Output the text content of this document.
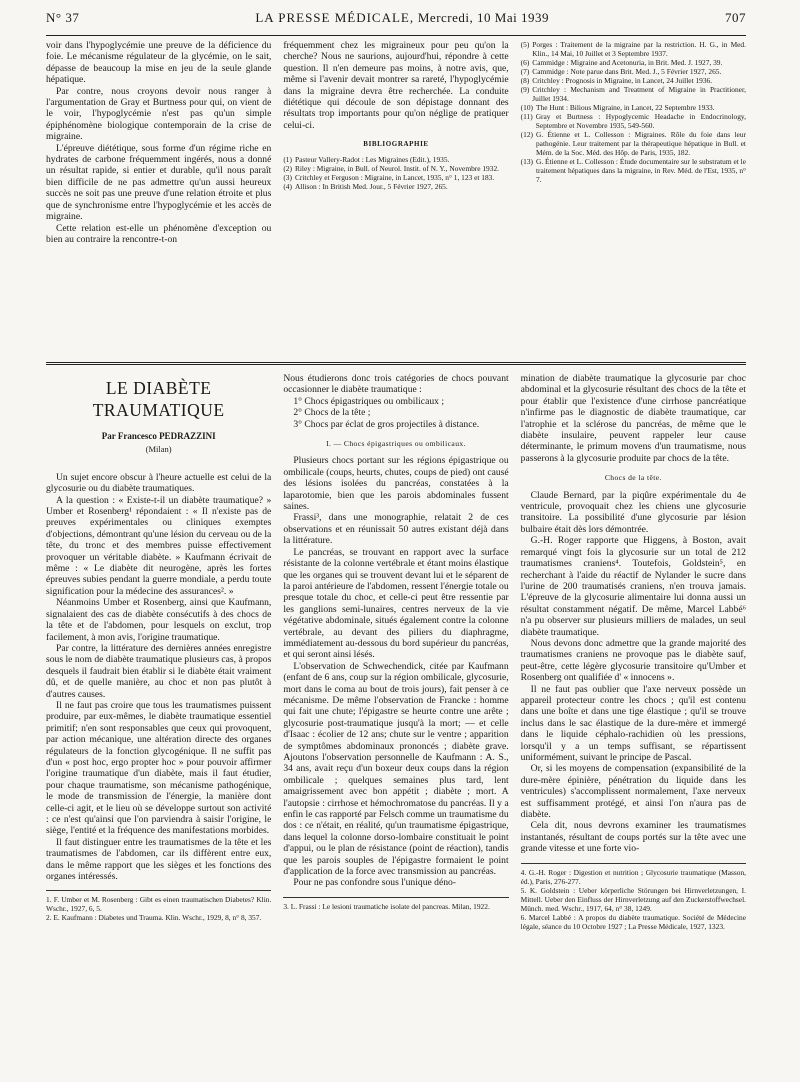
N° 37	LA PRESSE MÉDICALE, Mercredi, 10 Mai 1939	707

voir dans l'hypoglycémie une preuve de la déficience du foie. Le mécanisme régulateur de la glycémie, on le sait, dépasse de beaucoup la mise en jeu de la seule glande hépatique.

Par contre, nous croyons devoir nous ranger à l'argumentation de Gray et Burtness pour qui, on vient de le voir, l'hypoglycémie n'est pas qu'un simple épiphénomène biologique contemporain de la crise de migraine.

L'épreuve diététique, sous forme d'un régime riche en hydrates de carbone fréquemment ingérés, nous a donné un résultat rapide, si entier et durable, qu'il nous paraît bien difficile de ne pas admettre qu'un aussi heureux succès ne soit pas une preuve d'une relation étroite et plus que de synchronisme entre l'hypoglycémie et les accès de migraine.

Cette relation est-elle un phénomène d'exception ou bien au contraire la rencontre-t-on

fréquemment chez les migraineux pour peu qu'on la cherche? Nous ne saurions, aujourd'hui, répondre à cette question. Il n'en demeure pas moins, à notre avis, que, même si l'avenir devait montrer sa rareté, l'hypoglycémie dans la migraine devra être recherchée. La conduite diététique qui découle de son dépistage donnant des résultats trop importants pour qu'on néglige de pratiquer celui-ci.

BIBLIOGRAPHIE
(1) Pasteur Vallery-Radot : Les Migraines (Edit.), 1935.
(2) Riley : Migraine, in Bull. of Neurol. Instit. of N. Y., Novembre 1932.
(3) Critchley et Ferguson : Migraine, in Lancet, 1935, n° 1, 123 et 183.
(4) Allison : In British Med. Jour., 5 Février 1927, 265.
(5) Porges : Traitement de la migraine par la restriction. H. G., in Med. Klin., 14 Mai, 10 Juillet et 3 Septembre 1937.
(6) Cammidge : Migraine and Acetonuria, in Brit. Med. J. 1927, 39.
(7) Cammidge : Note parue dans Brit. Med. J., 5 Février 1927, 265.
(8) Critchley : Prognosis in Migraine, in Lancet, 24 Juillet 1936.
(9) Critchley : Mechanism and Treatment of Migraine in Practitioner, Juillet 1934.
(10) The Hunt : Bilious Migraine, in Lancet, 22 Septembre 1933.
(11) Gray et Burtness : Hypoglycemic Headache in Endocrinology, Septembre et Novembre 1935, 549-560.
(12) G. Étienne et L. Collesson : Migraines. Rôle du foie dans leur pathogénie. Leur traitement par la thérapeutique hépatique in Bull. et Mém. de la Soc. Méd. des Hôp. de Paris, 1935, 182.
(13) G. Étienne et L. Collesson : Étude documentaire sur le substratum et le traitement hépatiques dans la migraine, in Rev. Méd. de l'Est, 1935, n° 7.
LE DIABÈTE TRAUMATIQUE
Par Francesco PEDRAZZINI
(Milan)

Un sujet encore obscur à l'heure actuelle est celui de la glycosurie ou du diabète traumatiques.

A la question : « Existe-t-il un diabète traumatique? » Umber et Rosenberg¹ répondaient : « Il n'existe pas de preuves expérimentales ou cliniques exemptes d'objections, démontrant qu'une lésion du cerveau ou de la tête, du tronc et des membres puisse effectivement provoquer un véritable diabète. » Kaufmann écrivait de même : « Le diabète dit neurogène, après les fortes épreuves subies pendant la guerre mondiale, a perdu toute signification pour la médecine des assurances². »

Néanmoins Umber et Rosenberg, ainsi que Kaufmann, signalaient des cas de diabète consécutifs à des chocs de la tête et de l'abdomen, pour lesquels on exclut, trop facilement, à mon avis, l'origine traumatique.

Par contre, la littérature des dernières années enregistre sous le nom de diabète traumatique plusieurs cas, à propos desquels il faudrait bien établir si le diabète était vraiment dû, et de quelle manière, au choc et non pas plutôt à d'autres causes.

Il ne faut pas croire que tous les traumatismes puissent produire, par eux-mêmes, le diabète traumatique essentiel primitif; n'en sont responsables que ceux qui provoquent, par action mécanique, une altération directe des organes régulateurs de la fonction glycogénique. Il ne suffit pas d'un « post hoc, ergo propter hoc » pour pouvoir affirmer l'origine traumatique d'un diabète, mais il faut étudier, pour chaque traumatisme, son mécanisme pathogénique, le mode de transmission de l'énergie, la manière dont celle-ci agit, et le lieu où se développe surtout son activité : ce n'est qu'ainsi que l'on parviendra à saisir l'origine, le siège, l'entité et la fréquence des manifestations morbides.

Il faut distinguer entre les traumatismes de la tête et les traumatismes de l'abdomen, car ils diffèrent entre eux, dans le même rapport que les sièges et les fonctions des organes intéressés.

1. F. Umber et M. Rosenberg : Gibt es einen traumatischen Diabetes? Klin. Wschr., 1927, 6, 5.
2. E. Kaufmann : Diabetes und Trauma. Klin. Wschr., 1929, 8, n° 8, 357.

Nous étudierons donc trois catégories de chocs pouvant occasionner le diabète traumatique :

1° Chocs épigastriques ou ombilicaux ;

2° Chocs de la tête ;

3° Chocs par éclat de gros projectiles à distance.

I. — Chocs épigastriques ou ombilicaux.

Plusieurs chocs portant sur les régions épigastrique ou ombilicale (coups, heurts, chutes, coups de pied) ont causé des lésions isolées du pancréas, constatées à la laparotomie, bien que les parois abdominales fussent saines.

Frassi³, dans une monographie, relatait 2 de ces observations et en réunissait 50 autres existant déjà dans la littérature.

Le pancréas, se trouvant en rapport avec la surface résistante de la colonne vertébrale et étant moins élastique que les organes qui se trouvent devant lui et le séparent de la paroi antérieure de l'abdomen, ressent l'énergie totale ou presque totale du choc, et celle-ci peut être ressentie par les ganglions semi-lunaires, centres nerveux de la vie végétative abdominale, situés également contre la colonne vertébrale, au devant des piliers du diaphragme, immédiatement au-dessous du bord supérieur du pancréas, et qui seront ainsi lésés.

L'observation de Schwechendick, citée par Kaufmann (enfant de 6 ans, coup sur la région ombilicale, glycosurie, mort dans le coma au bout de trois jours), fait penser à ce mécanisme. De même l'observation de Francke : homme qui fait une chute; l'épigastre se heurte contre une arête ; glycosurie post-traumatique jusqu'à la mort; — et celle d'Isaac : écolier de 12 ans; chute sur le ventre ; apparition de symptômes abdominaux prononcés ; diabète grave. Ajoutons l'observation personnelle de Kaufmann : A. S., 34 ans, avait reçu d'un boxeur deux coups dans la région ombilicale ; quelques semaines plus tard, lent amaigrissement avec bon appétit ; diabète ; mort. A l'autopsie : cirrhose et hémochromatose du pancréas. Il y a enfin le cas rapporté par Felsch comme un traumatisme du dos : ce n'était, en réalité, qu'un traumatisme épigastrique, dans lequel la colonne dorso-lombaire constituait le point d'appui, ou le plan de résistance (point de réaction), tandis que les parois souples de l'épigastre formaient le point d'application de la force avec transmission au pancréas.

Pour ne pas confondre sous l'unique déno-

3. L. Frassi : Le lesioni traumatiche isolate del pancreas. Milan, 1922.

mination de diabète traumatique la glycosurie par choc abdominal et la glycosurie résultant des chocs de la tête et pour établir que l'existence d'une cirrhose pancréatique n'infirme pas le diagnostic de diabète traumatique, car l'atrophie et la sclérose du pancréas, de même que le diabète insulaire, peuvent rappeler leur cause déterminante, le primum movens d'un traumatisme, nous passerons à la glycosurie produite par chocs de la tête.

Chocs de la tête.

Claude Bernard, par la piqûre expérimentale du 4e ventricule, provoquait chez les chiens une glycosurie transitoire. La possibilité d'une glycosurie par lésion bulbaire était dès lors démontrée.

G.-H. Roger rapporte que Higgens, à Boston, avait remarqué vingt fois la glycosurie sur un total de 212 traumatismes craniens⁴. Toutefois, Goldstein⁵, en recherchant à l'aide du réactif de Nylander le sucre dans l'urine de 200 traumatisés craniens, n'en trouva jamais. L'épreuve de la glycosurie alimentaire lui donna aussi un résultat constamment négatif. De même, Marcel Labbé⁶ n'a pu observer sur plusieurs milliers de malades, un seul diabète traumatique.

Nous devons donc admettre que la grande majorité des traumatismes craniens ne provoque pas le diabète sauf, peut-être, cette légère glycosurie transitoire qu'Umber et Rosenberg ont qualifiée d' « innocens ».

Il ne faut pas oublier que l'axe nerveux possède un appareil protecteur contre les chocs ; qu'il est contenu dans une boîte et dans une tige élastique ; qu'il se trouve inclus dans le sac élastique de la dure-mère et immergé dans le liquide céphalo-rachidien où les pressions, lorsqu'il y a un temps suffisant, se répartissent uniformément, suivant le principe de Pascal.

Or, si les moyens de compensation (expansibilité de la dure-mère épinière, pénétration du liquide dans les ventricules) s'accomplissent normalement, l'axe nerveux est suffisamment protégé, et ainsi l'on n'aura pas de diabète.

Cela dit, nous devrons examiner les traumatismes instantanés, résultant de coups portés sur la tête avec une grande vitesse et une forte vio-

4. G.-H. Roger : Digestion et nutrition ; Glycosurie traumatique (Masson, éd.), Paris, 276-277.
5. K. Goldstein : Ueber körperliche Störungen bei Hirnverletzungen, I. Mittell. Ueber den Einfluss der Hirnverletzung auf den Zuckerstoffwechsel. Münch. med. Wschr., 1917, 64, n° 38, 1249.
6. Marcel Labbé : A propos du diabète traumatique. Société de Médecine légale, séance du 10 Octobre 1927 ; La Presse Médicale, 1927, 1323.
